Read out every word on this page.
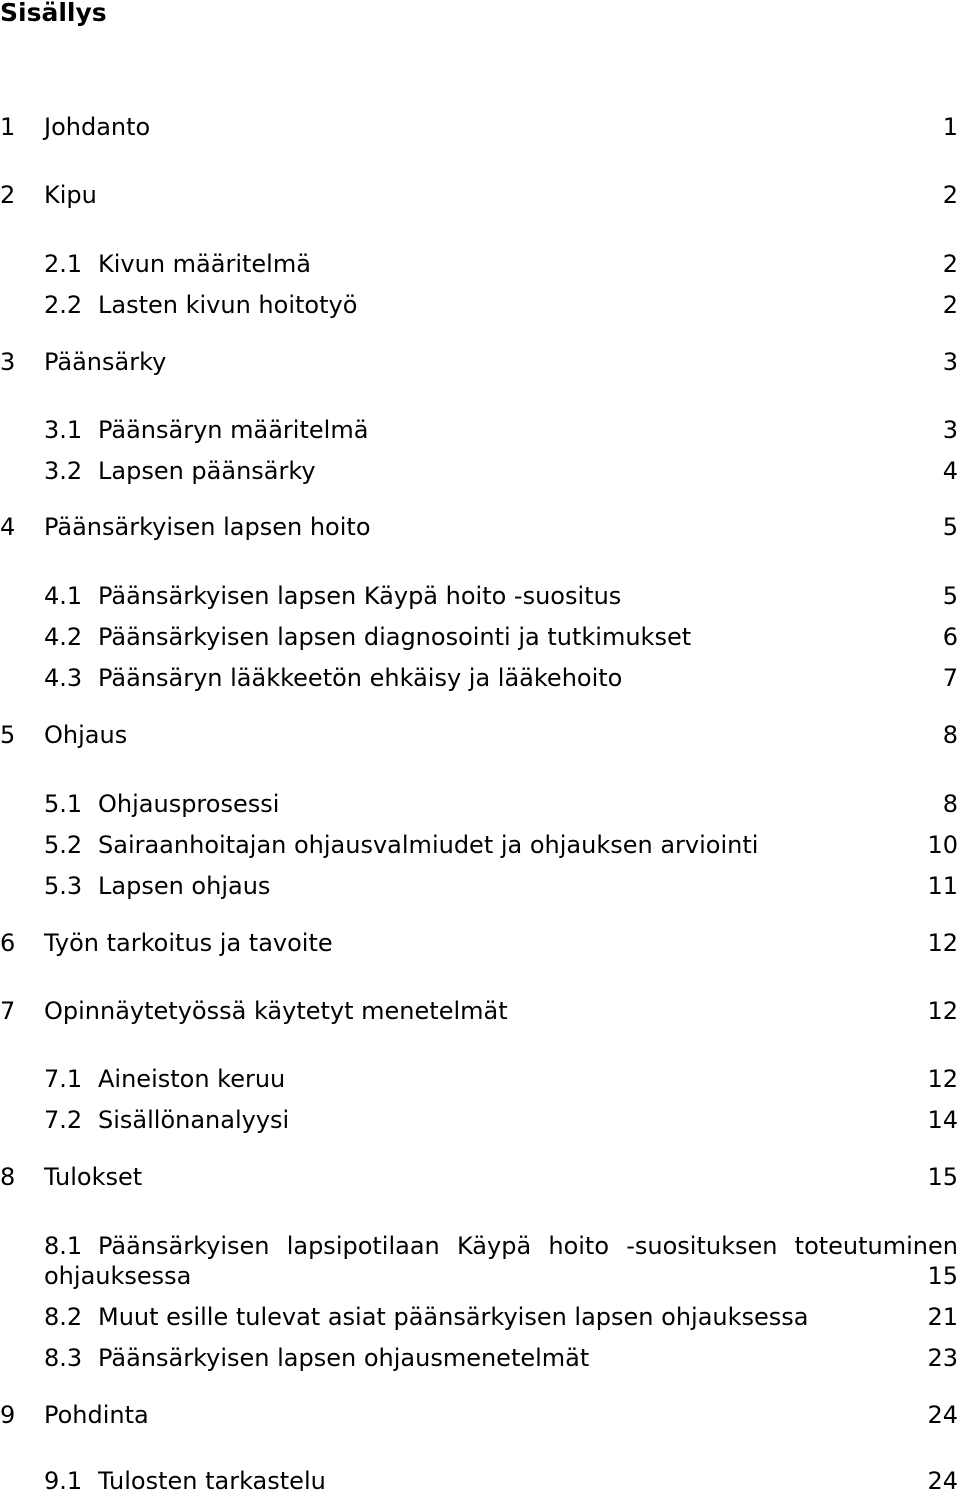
Sisällys
1 Johdanto	1
2 Kipu	2
2.1 Kivun määritelmä	2
2.2 Lasten kivun hoitotyö	2
3 Päänsärky	3
3.1 Päänsäryn määritelmä	3
3.2 Lapsen päänsärky	4
4 Päänsärkyisen lapsen hoito	5
4.1 Päänsärkyisen lapsen Käypä hoito -suositus	5
4.2 Päänsärkyisen lapsen diagnosointi ja tutkimukset	6
4.3 Päänsäryn lääkkeetön ehkäisy ja lääkehoito	7
5 Ohjaus	8
5.1 Ohjausprosessi	8
5.2 Sairaanhoitajan ohjausvalmiudet ja ohjauksen arviointi	10
5.3 Lapsen ohjaus	11
6 Työn tarkoitus ja tavoite	12
7 Opinnäytetyössä käytetyt menetelmät	12
7.1 Aineiston keruu	12
7.2 Sisällönanalyysi	14
8 Tulokset	15
8.1 Päänsärkyisen lapsipotilaan Käypä hoito -suosituksen toteutuminen
ohjauksessa	15
8.2 Muut esille tulevat asiat päänsärkyisen lapsen ohjauksessa	21
8.3 Päänsärkyisen lapsen ohjausmenetelmät	23
9 Pohdinta	24
9.1 Tulosten tarkastelu	24
